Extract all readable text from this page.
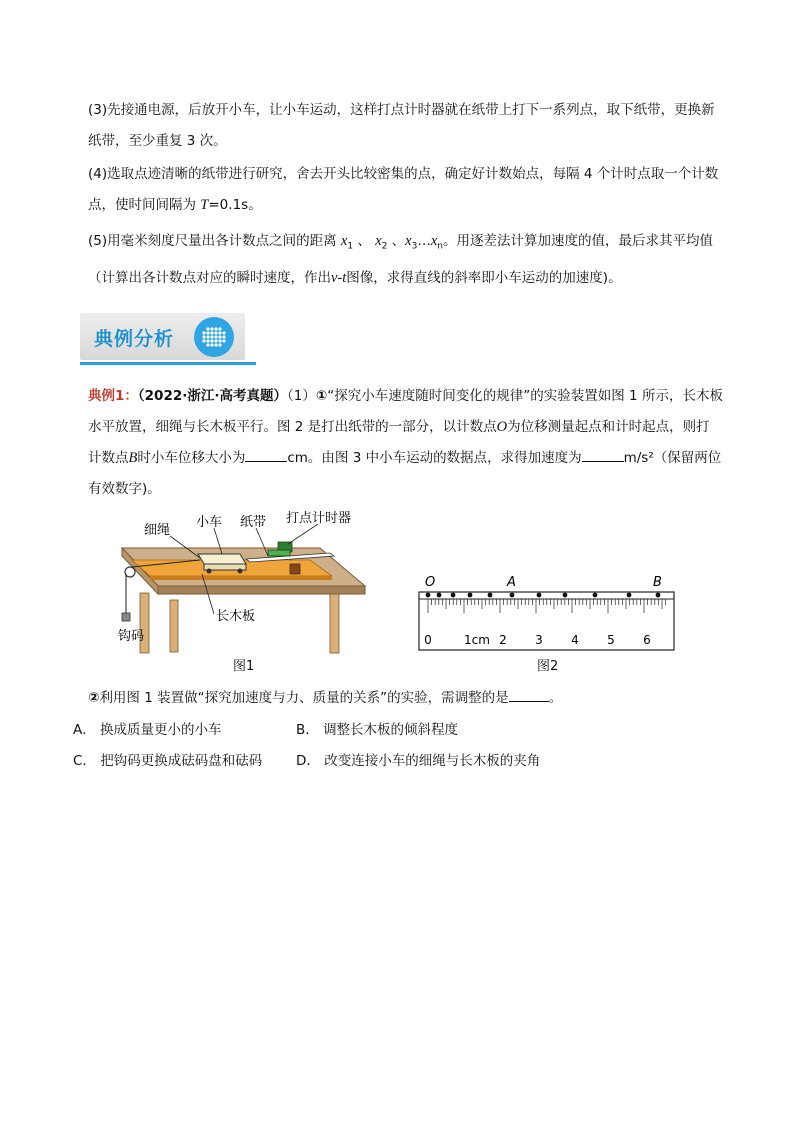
(3)先接通电源，后放开小车，让小车运动，这样打点计时器就在纸带上打下一系列点，取下纸带，更换新
纸带，至少重复 3 次。
(4)选取点迹清晰的纸带进行研究，舍去开头比较密集的点，确定好计数始点，每隔 4 个计时点取一个计数
点，使时间间隔为 T=0.1s。
(5)用毫米刻度尺量出各计数点之间的距离 $x_1$ 、 $x_2$ 、$x_3\dots x_n$。用逐差法计算加速度的值，最后求其平均值
（计算出各计数点对应的瞬时速度，作出v-t图像，求得直线的斜率即小车运动的加速度)。
典例分析
典例1：（2022·浙江·高考真题）（1）①“探究小车速度随时间变化的规律”的实验装置如图 1 所示，长木板
水平放置，细绳与长木板平行。图 2 是打出纸带的一部分，以计数点O为位移测量起点和计时起点，则打
计数点B时小车位移大小为	cm。由图 3 中小车运动的数据点，求得加速度为	m/s²（保留两位
有效数字)。
细绳
小车 纸带 打点计时器
长木板
钩码
图1
O	A	B
0	1cm 2 3 4 5 6
图2
②利用图 1 装置做“探究加速度与力、质量的关系”的实验，需调整的是	。
A． 换成质量更小的小车	B． 调整长木板的倾斜程度
C． 把钩码更换成砝码盘和砝码	D． 改变连接小车的细绳与长木板的夹角
